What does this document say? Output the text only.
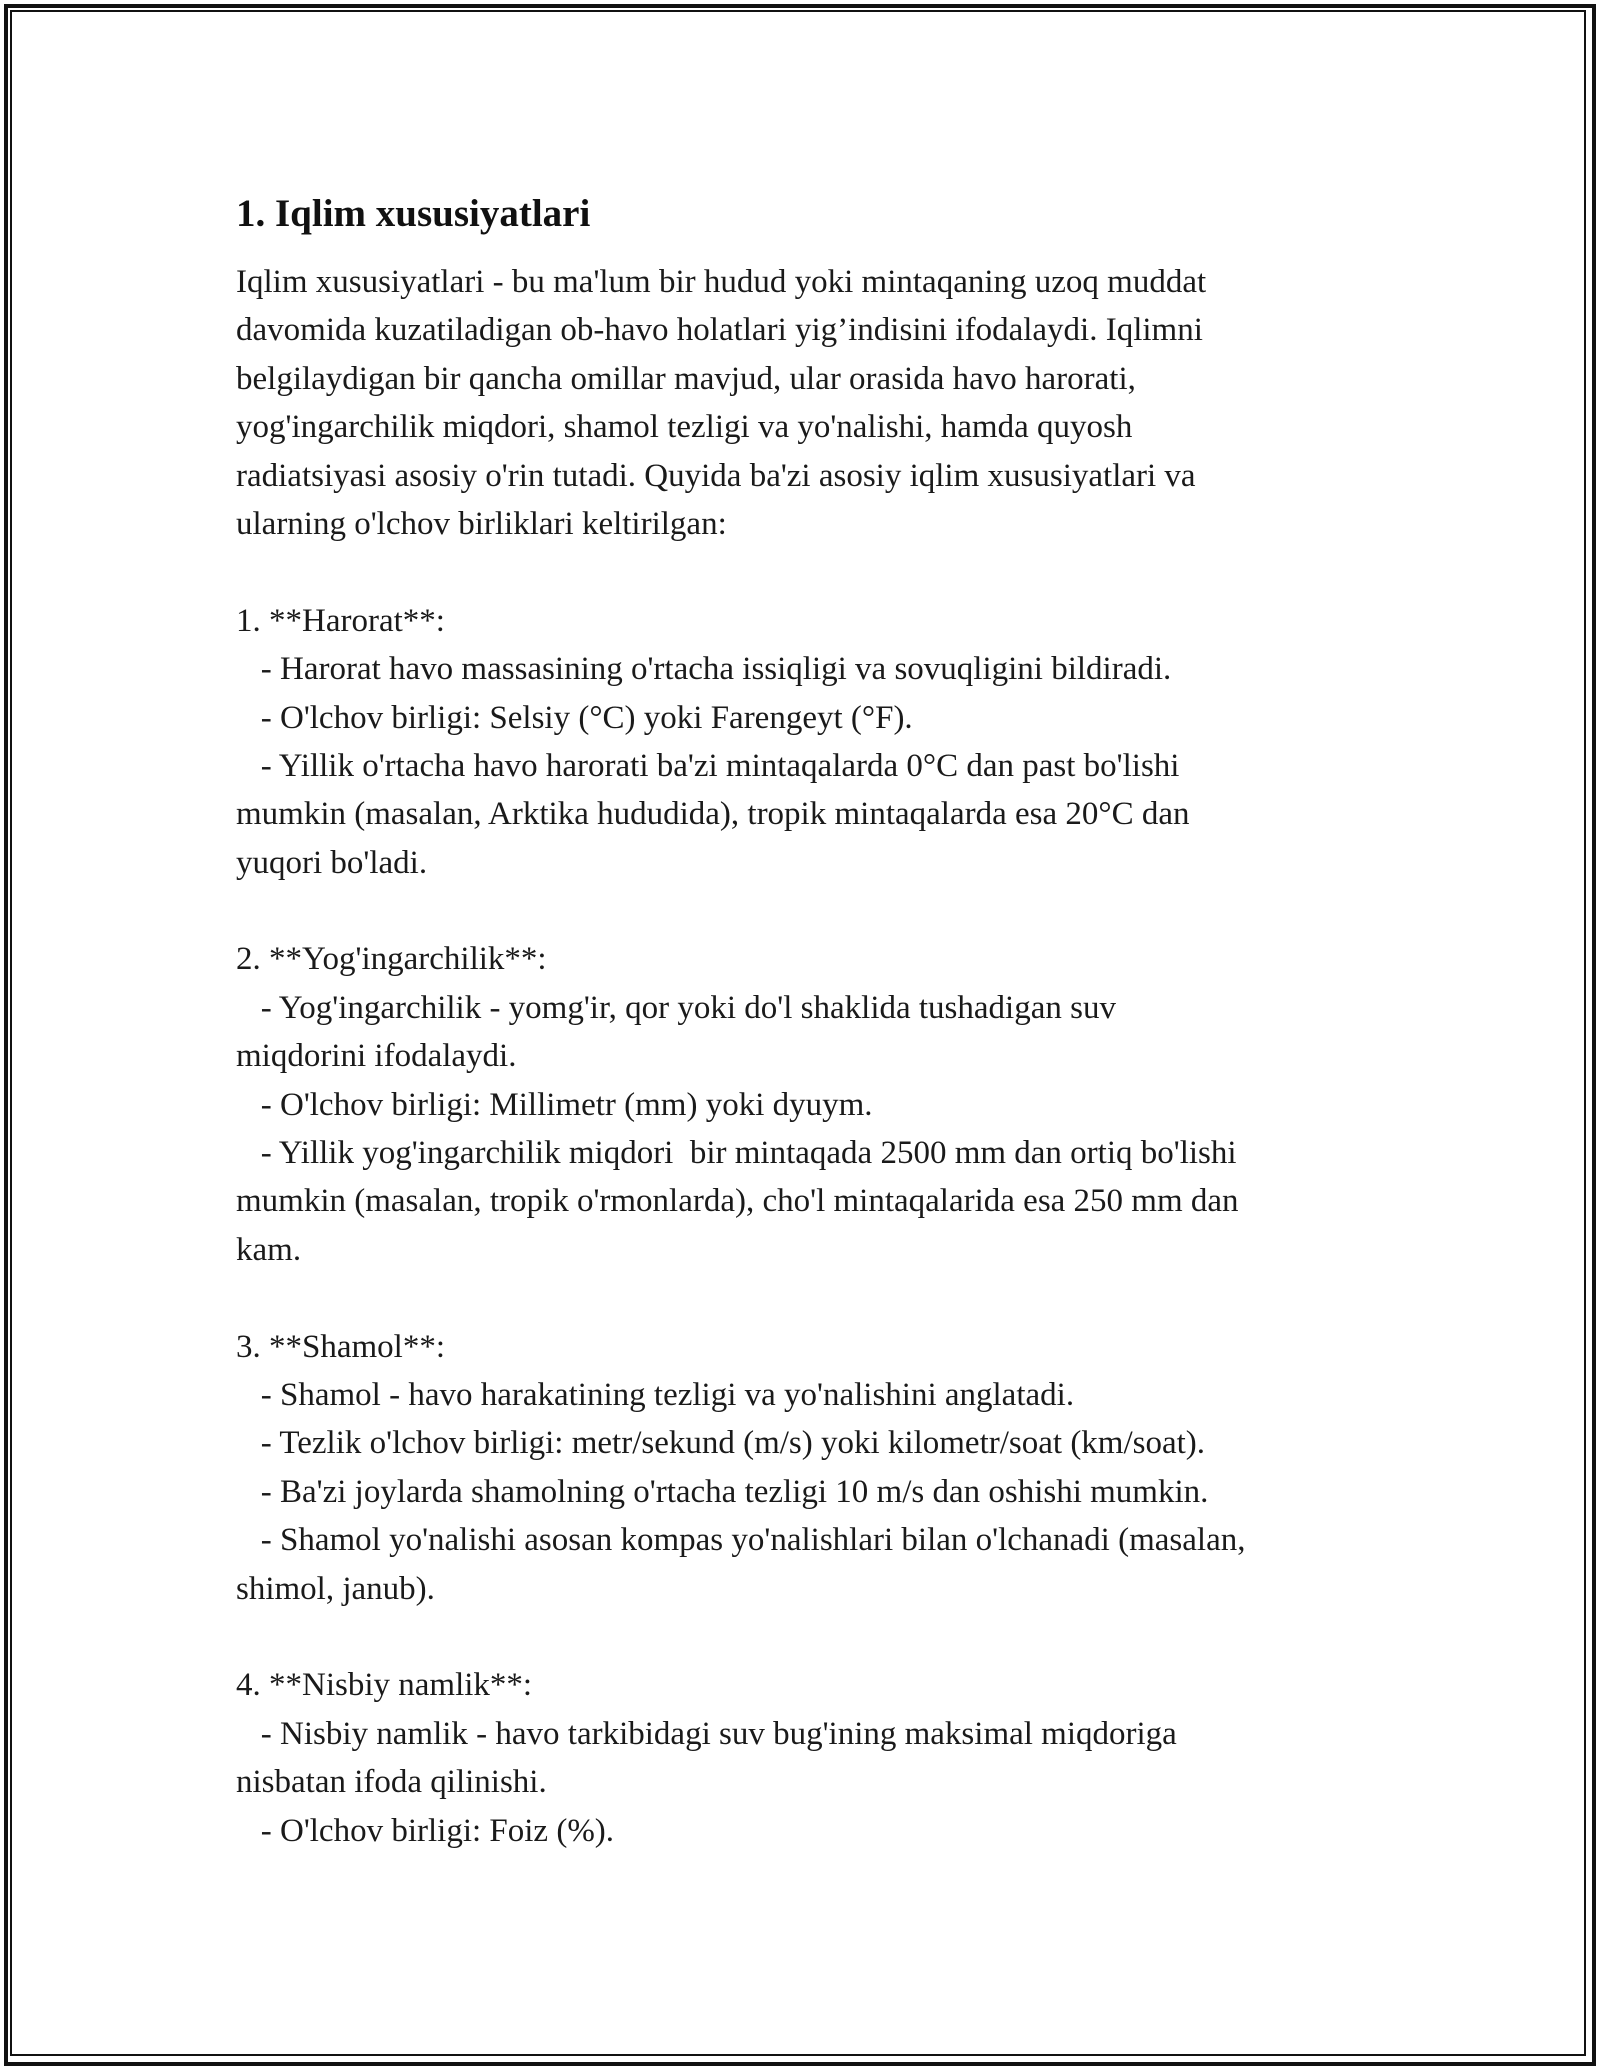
1. Iqlim xususiyatlari

Iqlim xususiyatlari - bu ma'lum bir hudud yoki mintaqaning uzoq muddat

davomida kuzatiladigan ob-havo holatlari yig’indisini ifodalaydi. Iqlimni

belgilaydigan bir qancha omillar mavjud, ular orasida havo harorati,

yog'ingarchilik miqdori, shamol tezligi va yo'nalishi, hamda quyosh

radiatsiyasi asosiy o'rin tutadi. Quyida ba'zi asosiy iqlim xususiyatlari va

ularning o'lchov birliklari keltirilgan:

1. **Harorat**:

- Harorat havo massasining o'rtacha issiqligi va sovuqligini bildiradi.

- O'lchov birligi: Selsiy (°C) yoki Farengeyt (°F).

- Yillik o'rtacha havo harorati ba'zi mintaqalarda 0°C dan past bo'lishi

mumkin (masalan, Arktika hududida), tropik mintaqalarda esa 20°C dan

yuqori bo'ladi.

2. **Yog'ingarchilik**:

- Yog'ingarchilik - yomg'ir, qor yoki do'l shaklida tushadigan suv

miqdorini ifodalaydi.

- O'lchov birligi: Millimetr (mm) yoki dyuym.

- Yillik yog'ingarchilik miqdori  bir mintaqada 2500 mm dan ortiq bo'lishi

mumkin (masalan, tropik o'rmonlarda), cho'l mintaqalarida esa 250 mm dan

kam.

3. **Shamol**:

- Shamol - havo harakatining tezligi va yo'nalishini anglatadi.

- Tezlik o'lchov birligi: metr/sekund (m/s) yoki kilometr/soat (km/soat).

- Ba'zi joylarda shamolning o'rtacha tezligi 10 m/s dan oshishi mumkin.

- Shamol yo'nalishi asosan kompas yo'nalishlari bilan o'lchanadi (masalan,

shimol, janub).

4. **Nisbiy namlik**:

- Nisbiy namlik - havo tarkibidagi suv bug'ining maksimal miqdoriga

nisbatan ifoda qilinishi.

- O'lchov birligi: Foiz (%).
